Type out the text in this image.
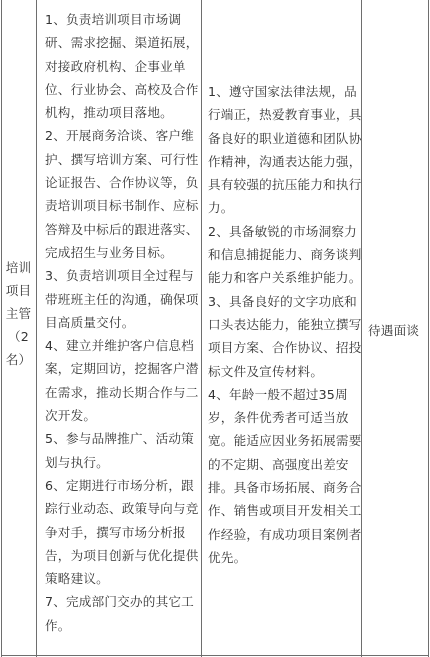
培训

项目

主管

（2

名）

1、负责培训项目市场调

研、需求挖掘、渠道拓展，

对接政府机构、企事业单

位、行业协会、高校及合作

机构，推动项目落地。

2、开展商务洽谈、客户维

护、撰写培训方案、可行性

论证报告、合作协议等，负

责培训项目标书制作、应标

答辩及中标后的跟进落实、

完成招生与业务目标。

3、负责培训项目全过程与

带班班主任的沟通，确保项

目高质量交付。

4、建立并维护客户信息档

案，定期回访，挖掘客户潜

在需求，推动长期合作与二

次开发。

5、参与品牌推广、活动策

划与执行。

6、定期进行市场分析，跟

踪行业动态、政策导向与竞

争对手，撰写市场分析报

告，为项目创新与优化提供

策略建议。

7、完成部门交办的其它工

作。

1、遵守国家法律法规，品

行端正，热爱教育事业，具

备良好的职业道德和团队协

作精神，沟通表达能力强，

具有较强的抗压能力和执行

力。

2、具备敏锐的市场洞察力

和信息捕捉能力、商务谈判

能力和客户关系维护能力。

3、具备良好的文字功底和

口头表达能力，能独立撰写

项目方案、合作协议、招投

标文件及宣传材料。

4、年龄一般不超过35周

岁，条件优秀者可适当放

宽。能适应因业务拓展需要

的不定期、高强度出差安

排。具备市场拓展、商务合

作、销售或项目开发相关工

作经验，有成功项目案例者

优先。

待遇面谈
